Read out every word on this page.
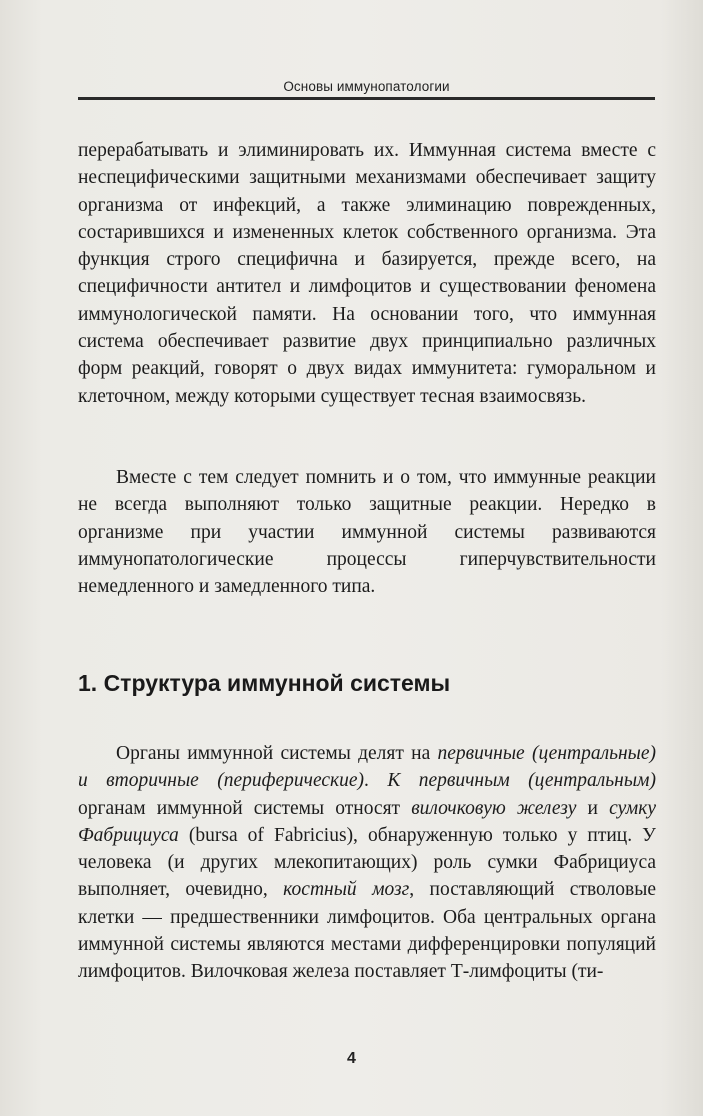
Основы иммунопатологии

перерабатывать и элиминировать их. Иммунная система вместе с неспецифическими защитными механизмами обеспечивает защиту организма от инфекций, а также элиминацию поврежденных, состарившихся и измененных клеток собственного организма. Эта функция строго специфична и базируется, прежде всего, на специфичности антител и лимфоцитов и существовании феномена иммунологической памяти. На основании того, что иммунная система обеспечивает развитие двух принципиально различных форм реакций, говорят о двух видах иммунитета: гуморальном и клеточном, между которыми существует тесная взаимосвязь.

Вместе с тем следует помнить и о том, что иммунные реакции не всегда выполняют только защитные реакции. Нередко в организме при участии иммунной системы развиваются иммунопатологические процессы гиперчувствительности немедленного и замедленного типа.

1. Структура иммунной системы

Органы иммунной системы делят на первичные (центральные) и вторичные (периферические). К первичным (центральным) органам иммунной системы относят вилочковую железу и сумку Фабрициуса (bursa of Fabricius), обнаруженную только у птиц. У человека (и других млекопитающих) роль сумки Фабрициуса выполняет, очевидно, костный мозг, поставляющий стволовые клетки — предшественники лимфоцитов. Оба центральных органа иммунной системы являются местами дифференцировки популяций лимфоцитов. Вилочковая железа поставляет Т-лимфоциты (ти-

4
